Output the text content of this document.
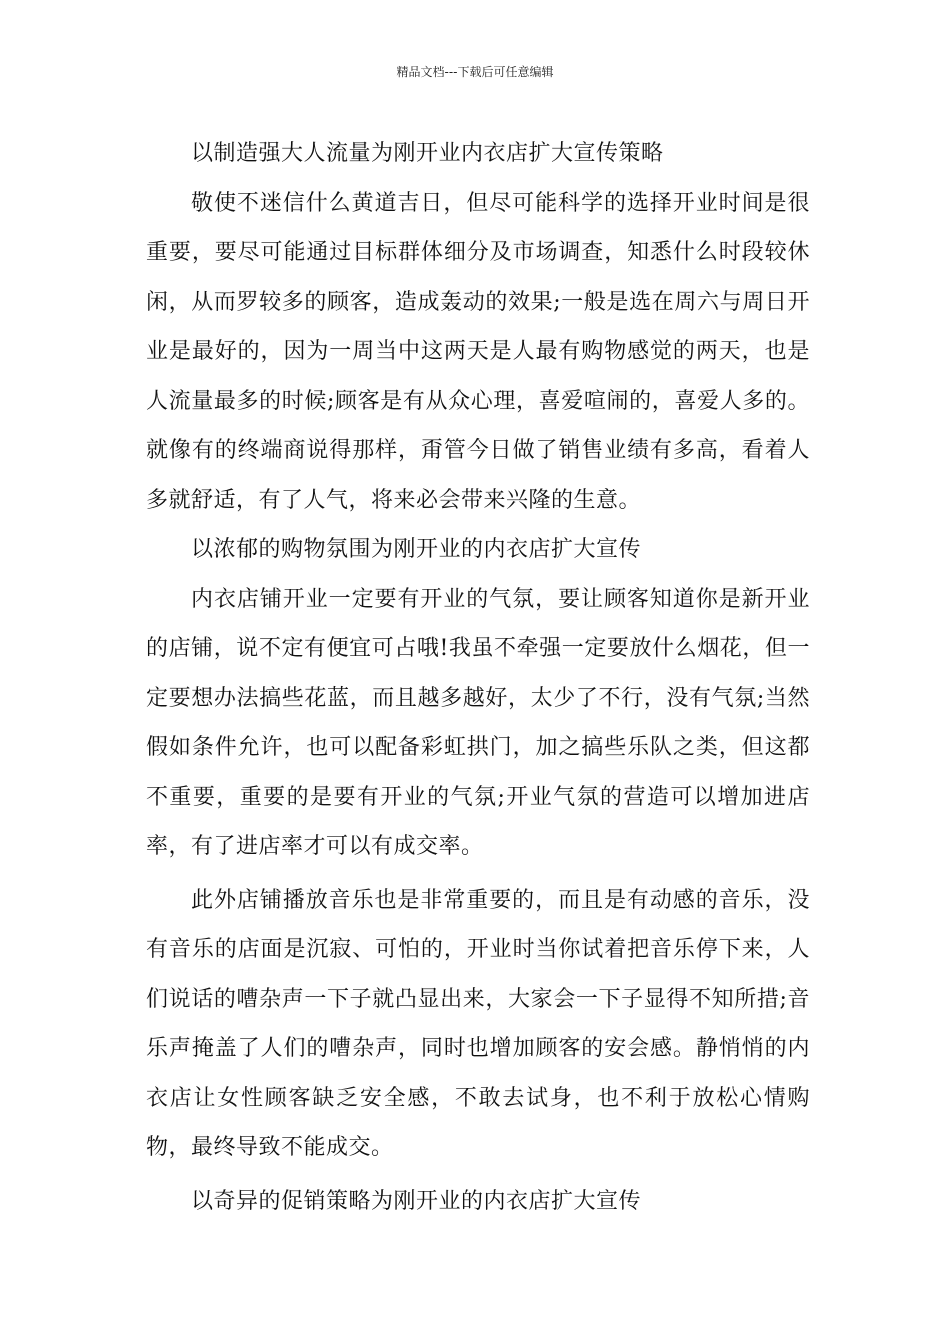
精品文档---下载后可任意编辑

以制造强大人流量为刚开业内衣店扩大宣传策略

敬使不迷信什么黄道吉日，但尽可能科学的选择开业时间是很重要，要尽可能通过目标群体细分及市场调查，知悉什么时段较休闲，从而罗较多的顾客，造成轰动的效果;一般是选在周六与周日开业是最好的，因为一周当中这两天是人最有购物感觉的两天，也是人流量最多的时候;顾客是有从众心理，喜爱喧闹的，喜爱人多的。就像有的终端商说得那样，甭管今日做了销售业绩有多高，看着人多就舒适，有了人气，将来必会带来兴隆的生意。

以浓郁的购物氛围为刚开业的内衣店扩大宣传

内衣店铺开业一定要有开业的气氛，要让顾客知道你是新开业的店铺，说不定有便宜可占哦!我虽不牵强一定要放什么烟花，但一定要想办法搞些花蓝，而且越多越好，太少了不行，没有气氛;当然假如条件允许，也可以配备彩虹拱门，加之搞些乐队之类，但这都不重要，重要的是要有开业的气氛;开业气氛的营造可以增加进店率，有了进店率才可以有成交率。

此外店铺播放音乐也是非常重要的，而且是有动感的音乐，没有音乐的店面是沉寂、可怕的，开业时当你试着把音乐停下来，人们说话的嘈杂声一下子就凸显出来，大家会一下子显得不知所措;音乐声掩盖了人们的嘈杂声，同时也增加顾客的安会感。静悄悄的内衣店让女性顾客缺乏安全感，不敢去试身，也不利于放松心情购物，最终导致不能成交。

以奇异的促销策略为刚开业的内衣店扩大宣传
